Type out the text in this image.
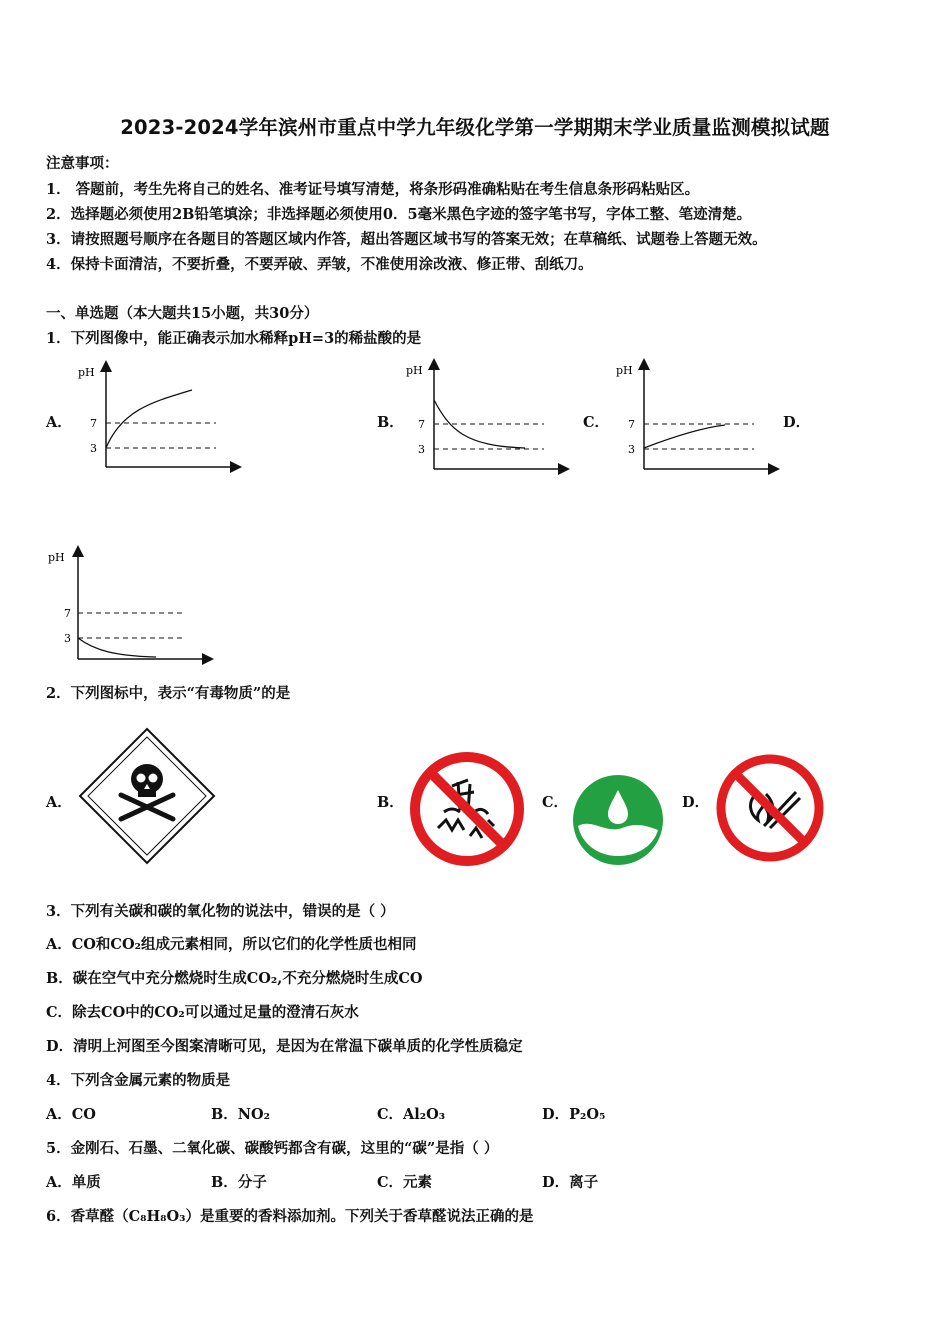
2023-2024学年滨州市重点中学九年级化学第一学期期末学业质量监测模拟试题
注意事项：
1． 答题前，考生先将自己的姓名、准考证号填写清楚，将条形码准确粘贴在考生信息条形码粘贴区。
2．选择题必须使用2B铅笔填涂；非选择题必须使用0．5毫米黑色字迹的签字笔书写，字体工整、笔迹清楚。
3．请按照题号顺序在各题目的答题区域内作答，超出答题区域书写的答案无效；在草稿纸、试题卷上答题无效。
4．保持卡面清洁，不要折叠，不要弄破、弄皱，不准使用涂改液、修正带、刮纸刀。
一、单选题（本大题共15小题，共30分）
1．下列图像中，能正确表示加水稀释pH=3的稀盐酸的是
A．	B．	C．	D．
pH
7
3
pH
7
3
pH
7
3
pH
7
3
2．下列图标中，表示“有毒物质”的是
A．	B．	C．	D．
3．下列有关碳和碳的氧化物的说法中，错误的是（ ）
A．CO和CO₂组成元素相同，所以它们的化学性质也相同
B．碳在空气中充分燃烧时生成CO₂,不充分燃烧时生成CO
C．除去CO中的CO₂可以通过足量的澄清石灰水
D．清明上河图至今图案清晰可见，是因为在常温下碳单质的化学性质稳定
4．下列含金属元素的物质是
A．CO	B．NO₂	C．Al₂O₃	D．P₂O₅
5．金刚石、石墨、二氧化碳、碳酸钙都含有碳，这里的“碳”是指（ ）
A．单质	B．分子	C．元素	D．离子
6．香草醛（C₈H₈O₃）是重要的香料添加剂。下列关于香草醛说法正确的是
